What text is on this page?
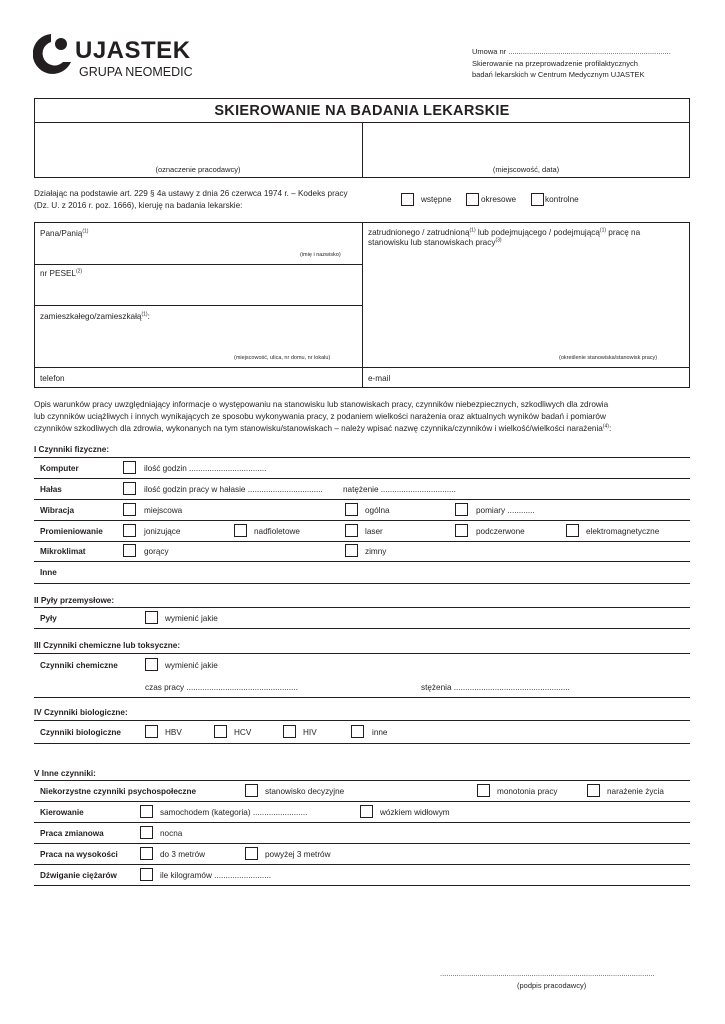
UJASTEK
GRUPA NEOMEDIC
Umowa nr ..............................................................................
Skierowanie na przeprowadzenie profilaktycznych
badań lekarskich w Centrum Medycznym UJASTEK
SKIEROWANIE NA BADANIA LEKARSKIE
(oznaczenie pracodawcy)	(miejscowość, data)
Działając na podstawie art. 229 § 4a ustawy z dnia 26 czerwca 1974 r. – Kodeks pracy
(Dz. U. z 2016 r. poz. 1666), kieruję na badania lekarskie:
wstępne	okresowe	kontrolne
Pana/Panią$^{(1)}$
(imię i nazwisko)
nr PESEL$^{(2)}$
zamieszkałego/zamieszkałą$^{(1)}$:
(miejscowość, ulica, nr domu, nr lokalu)
zatrudnionego / zatrudnioną$^{(1)}$ lub podejmującego / podejmującą$^{(1)}$ pracę na
stanowisku lub stanowiskach pracy$^{(3)}$
(określenie stanowiska/stanowisk pracy)
telefon	e-mail
Opis warunków pracy uwzględniający informacje o występowaniu na stanowisku lub stanowiskach pracy, czynników niebezpiecznych, szkodliwych dla zdrowia
lub czynników uciążliwych i innych wynikających ze sposobu wykonywania pracy, z podaniem wielkości narażenia oraz aktualnych wyników badań i pomiarów
czynników szkodliwych dla zdrowia, wykonanych na tym stanowisku/stanowiskach – należy wpisać nazwę czynnika/czynników i wielkość/wielkości narażenia$^{(4)}$:
I Czynniki fizyczne:
Komputer	ilość godzin ..................................
Hałas	ilość godzin pracy w hałasie ................................. natężenie .................................
Wibracja	miejscowa	ogólna	pomiary ............
Promieniowanie	jonizujące	nadfioletowe	laser	podczerwone	elektromagnetyczne
Mikroklimat	gorący	zimny
Inne
II Pyły przemysłowe:
Pyły	wymienić jakie
III Czynniki chemiczne lub toksyczne:
Czynniki chemiczne	wymienić jakie
czas pracy .................................................	stężenia ...................................................
IV Czynniki biologiczne:
Czynniki biologiczne	HBV	HCV	HIV	inne
V Inne czynniki:
Niekorzystne czynniki psychospołeczne	stanowisko decyzyjne	monotonia pracy	narażenie życia
Kierowanie	samochodem (kategoria) ........................	wózkiem widłowym
Praca zmianowa	nocna
Praca na wysokości	do 3 metrów	powyżej 3 metrów
Dźwiganie ciężarów	ile kilogramów .........................
.......................................................................................................
(podpis pracodawcy)
